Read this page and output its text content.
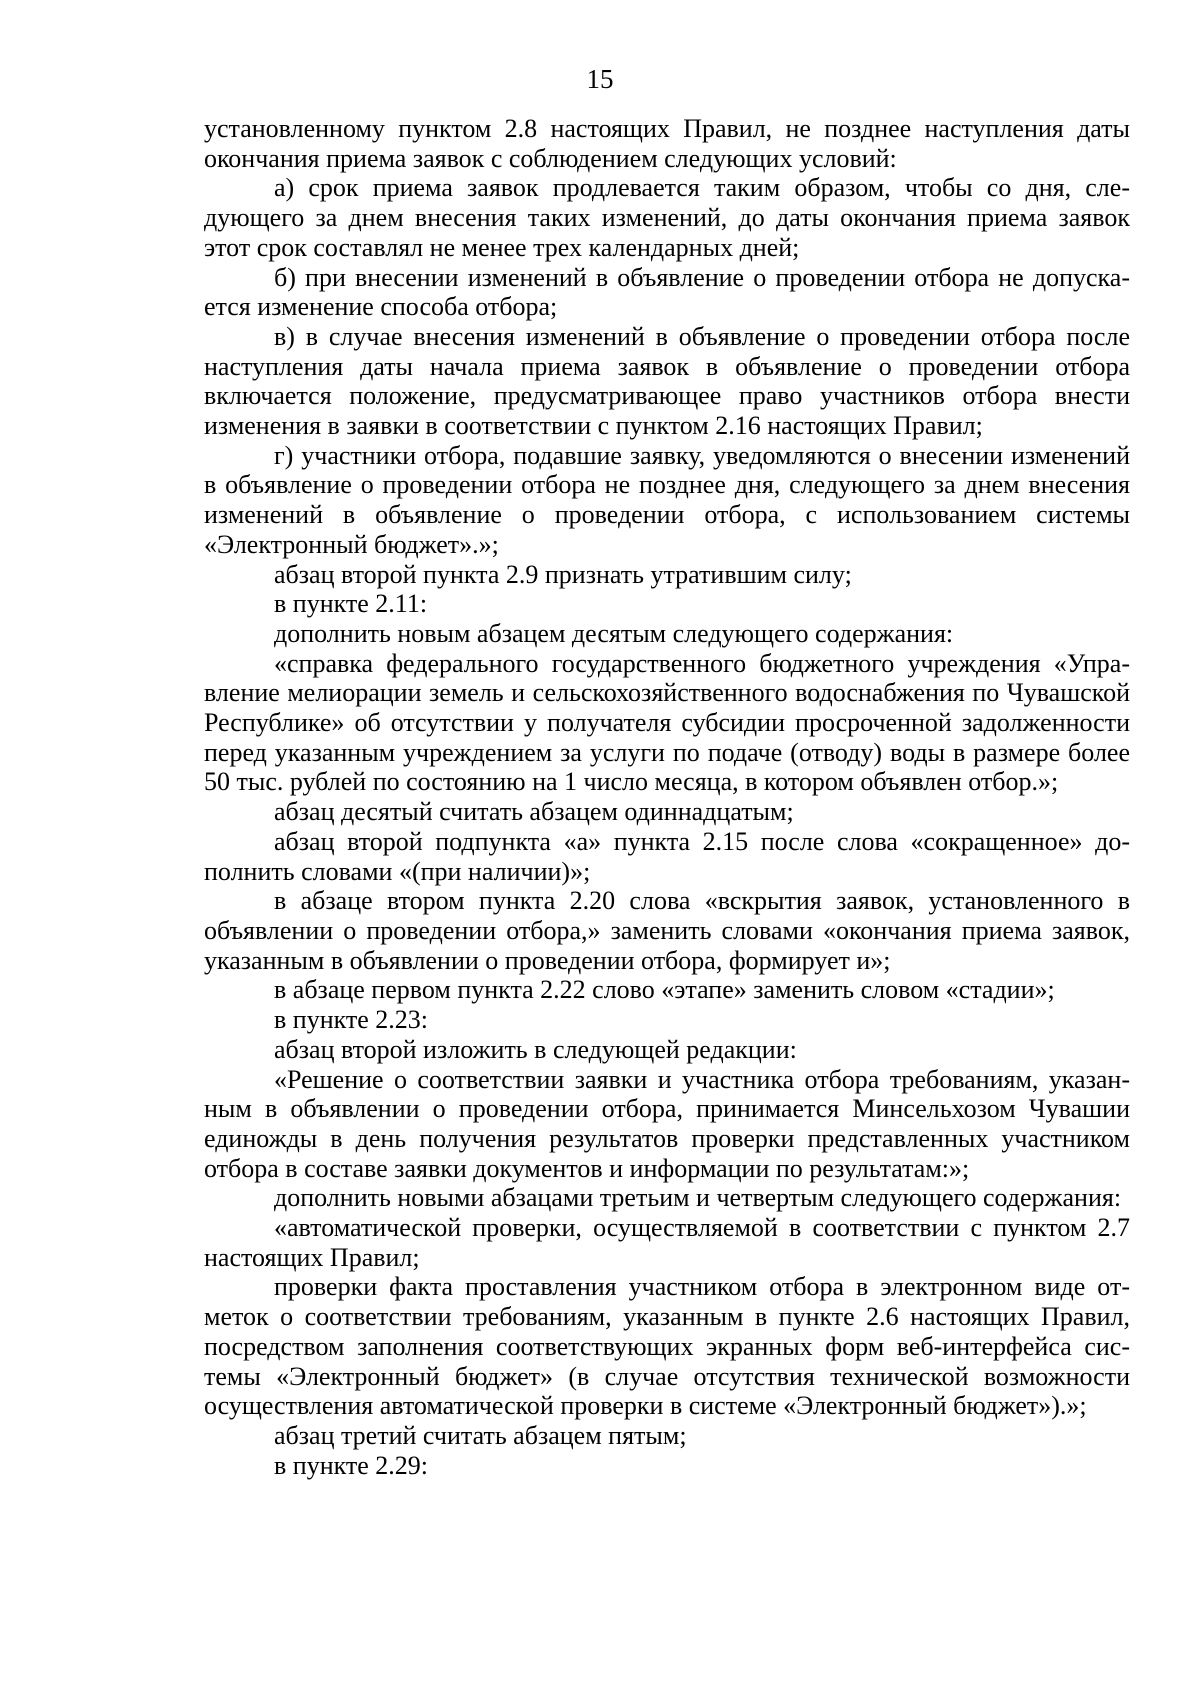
15

установленному пунктом 2.8 настоящих Правил, не позднее наступления даты окончания приема заявок с соблюдением следующих условий:

а) срок приема заявок продлевается таким образом, чтобы со дня, следующего за днем внесения таких изменений, до даты окончания приема заявок этот срок составлял не менее трех календарных дней;

б) при внесении изменений в объявление о проведении отбора не допускается изменение способа отбора;

в) в случае внесения изменений в объявление о проведении отбора после наступления даты начала приема заявок в объявление о проведении отбора включается положение, предусматривающее право участников отбора внести изменения в заявки в соответствии с пунктом 2.16 настоящих Правил;

г) участники отбора, подавшие заявку, уведомляются о внесении изменений в объявление о проведении отбора не позднее дня, следующего за днем внесения изменений в объявление о проведении отбора, с использованием системы «Электронный бюджет».»;

абзац второй пункта 2.9 признать утратившим силу;

в пункте 2.11:

дополнить новым абзацем десятым следующего содержания:

«справка федерального государственного бюджетного учреждения «Управление мелиорации земель и сельскохозяйственного водоснабжения по Чувашской Республике» об отсутствии у получателя субсидии просроченной задолженности перед указанным учреждением за услуги по подаче (отводу) воды в размере более 50 тыс. рублей по состоянию на 1 число месяца, в котором объявлен отбор.»;

абзац десятый считать абзацем одиннадцатым;

абзац второй подпункта «а» пункта 2.15 после слова «сокращенное» дополнить словами «(при наличии)»;

в абзаце втором пункта 2.20 слова «вскрытия заявок, установленного в объявлении о проведении отбора,» заменить словами «окончания приема заявок, указанным в объявлении о проведении отбора, формирует и»;

в абзаце первом пункта 2.22 слово «этапе» заменить словом «стадии»;

в пункте 2.23:

абзац второй изложить в следующей редакции:

«Решение о соответствии заявки и участника отбора требованиям, указанным в объявлении о проведении отбора, принимается Минсельхозом Чувашии единожды в день получения результатов проверки представленных участником отбора в составе заявки документов и информации по результатам:»;

дополнить новыми абзацами третьим и четвертым следующего содержания:

«автоматической проверки, осуществляемой в соответствии с пунктом 2.7 настоящих Правил;

проверки факта проставления участником отбора в электронном виде отметок о соответствии требованиям, указанным в пункте 2.6 настоящих Правил, посредством заполнения соответствующих экранных форм веб-интерфейса системы «Электронный бюджет» (в случае отсутствия технической возможности осуществления автоматической проверки в системе «Электронный бюджет»).»;

абзац третий считать абзацем пятым;

в пункте 2.29:
